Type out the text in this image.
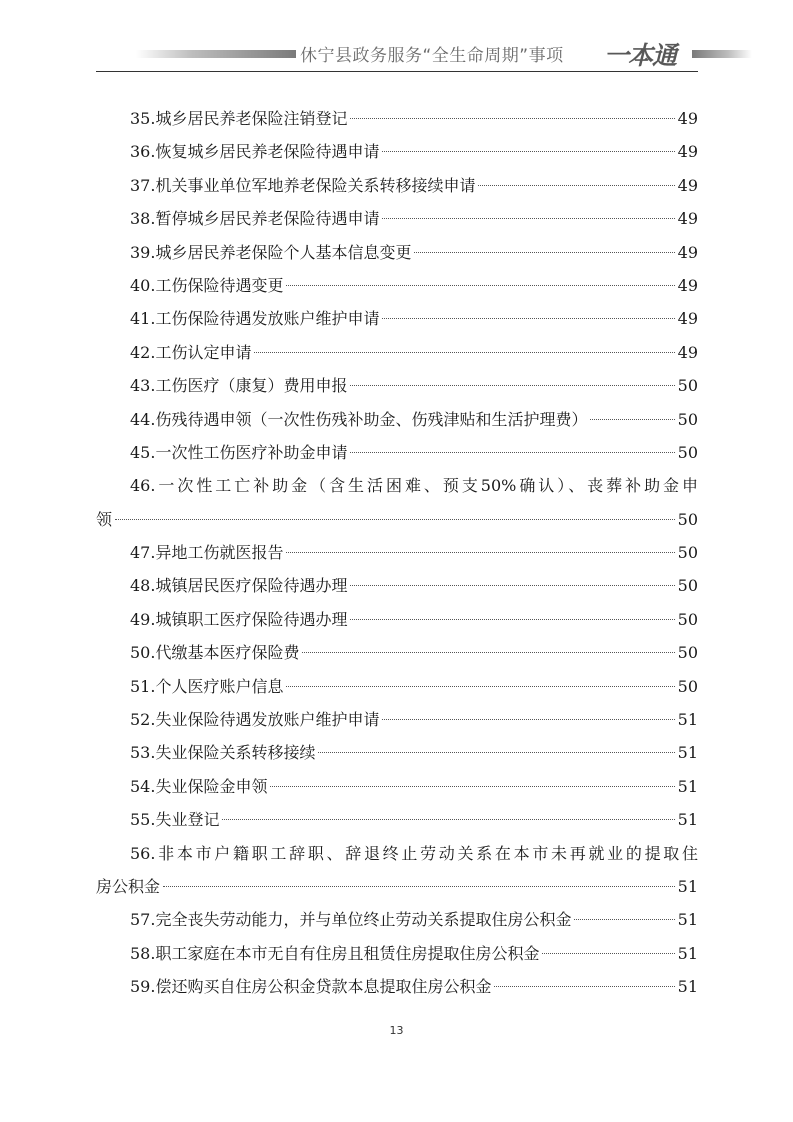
休宁县政务服务“全生命周期”事项 一本通
35.城乡居民养老保险注销登记	49
36.恢复城乡居民养老保险待遇申请	49
37.机关事业单位军地养老保险关系转移接续申请	49
38.暂停城乡居民养老保险待遇申请	49
39.城乡居民养老保险个人基本信息变更	49
40.工伤保险待遇变更	49
41.工伤保险待遇发放账户维护申请	49
42.工伤认定申请	49
43.工伤医疗（康复）费用申报	50
44.伤残待遇申领（一次性伤残补助金、伤残津贴和生活护理费）	50
45.一次性工伤医疗补助金申请	50
46.一次性工亡补助金（含生活困难、预支50%确认）、丧葬补助金申
领	50
47.异地工伤就医报告	50
48.城镇居民医疗保险待遇办理	50
49.城镇职工医疗保险待遇办理	50
50.代缴基本医疗保险费	50
51.个人医疗账户信息	50
52.失业保险待遇发放账户维护申请	51
53.失业保险关系转移接续	51
54.失业保险金申领	51
55.失业登记	51
56.非本市户籍职工辞职、辞退终止劳动关系在本市未再就业的提取住
房公积金	51
57.完全丧失劳动能力，并与单位终止劳动关系提取住房公积金	51
58.职工家庭在本市无自有住房且租赁住房提取住房公积金	51
59.偿还购买自住房公积金贷款本息提取住房公积金	51
13
